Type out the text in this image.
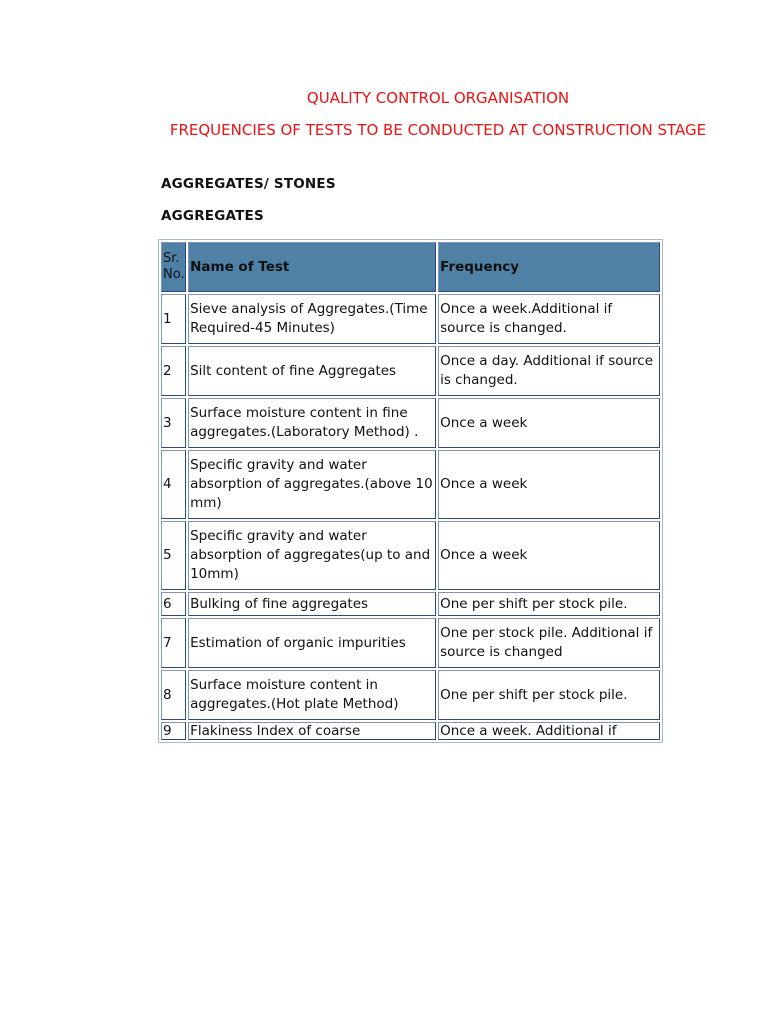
QUALITY CONTROL ORGANISATION
FREQUENCIES OF TESTS TO BE CONDUCTED AT CONSTRUCTION STAGE
AGGREGATES/ STONES
AGGREGATES
Sr. No.	Name of Test	Frequency
1	Sieve analysis of Aggregates.(Time Required-45 Minutes)	Once a week.Additional if source is changed.
2	Silt content of fine Aggregates	Once a day. Additional if source is changed.
3	Surface moisture content in fine aggregates.(Laboratory Method) .	Once a week
4	Specific gravity and water absorption of aggregates.(above 10 mm)	Once a week
5	Specific gravity and water absorption of aggregates(up to and 10mm)	Once a week
6	Bulking of fine aggregates	One per shift per stock pile.
7	Estimation of organic impurities	One per stock pile. Additional if source is changed
8	Surface moisture content in aggregates.(Hot plate Method)	One per shift per stock pile.
9	Flakiness Index of coarse	Once a week. Additional if
